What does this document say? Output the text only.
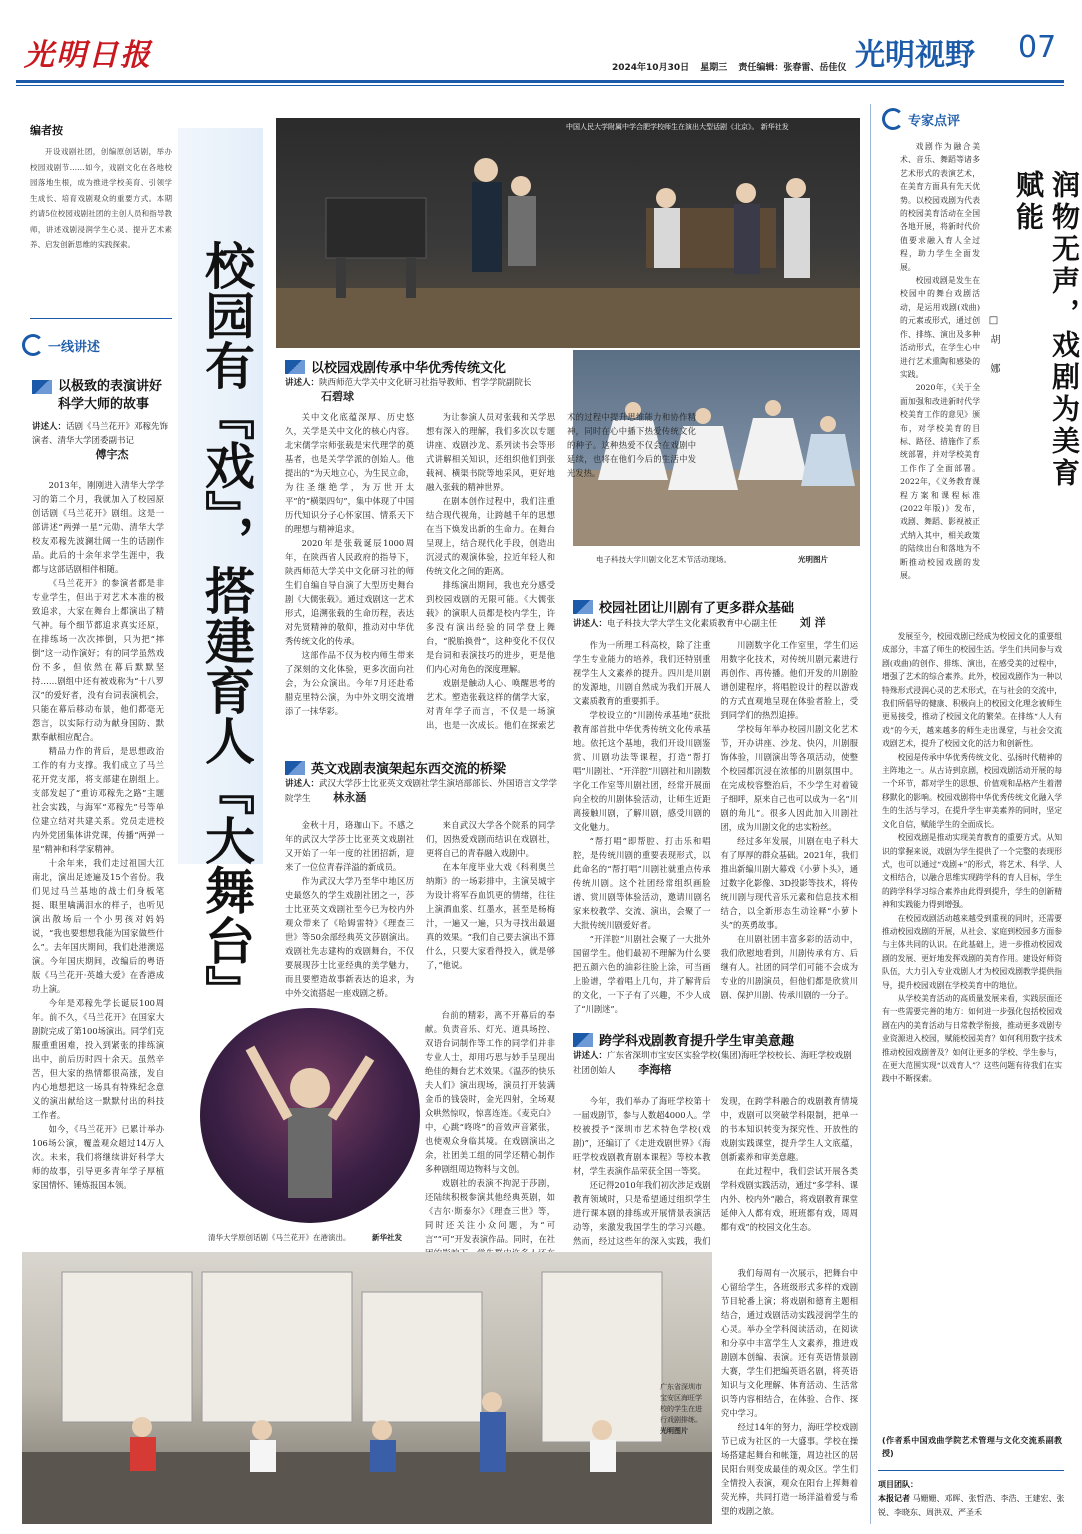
光明日报	2024年10月30日 星期三 责任编辑：张春雷、岳佳仪 光明视野 07
编者按

开设戏剧社团，创编原创话剧，举办校园戏剧节……如今，戏剧文化在各地校园落地生根，成为推进学校美育、引领学生成长、培育戏剧观众的重要方式。本期约请5位校园戏剧社团的主创人员和指导教师，讲述戏剧浸润学生心灵、提升艺术素养、启发创新思维的实践探索。	校园有『戏』，搭建育人『大舞台』
一线讲述
以极致的表演讲好科学大师的故事
讲述人：话剧《马兰花开》邓稼先饰演者、清华大学团委副书记
傅宇杰

2013年，刚刚进入清华大学学习的第二个月，我就加入了校园原创话剧《马兰花开》剧组。这是一部讲述“两弹一星”元勋、清华大学校友邓稼先波澜壮阔一生的话剧作品。此后的十余年求学生涯中，我都与这部话剧相伴相随。

《马兰花开》的参演者都是非专业学生，但出于对艺术本准的极致追求，大家在舞台上都演出了精气神。每个细节都追求真实还原，在排练场一次次摔倒，只为把“摔倒”这一动作演好；有的同学虽然戏份不多，但依然在幕后默默坚持……剧组中还有被戏称为“十八罗汉”的爱好者，没有台词表演机会，只能在幕后移动布景，他们都毫无怨言，以实际行动为献身国防、默默奉献相应配合。

精品力作的背后，是思想政治工作的有力支撑。我们成立了马兰花开党支部，将支部建在剧组上。支部发起了“重访邓稼先之路”主题社会实践，与海军“邓稼先”号等单位建立结对共建关系。党员走进校内外党团集体讲党课，传播“两弹一星”精神和科学家精神。

十余年来，我们走过祖国大江南北，演出足迹遍及15个省份。我们见过马兰基地的战士们身板笔挺、眼里噙满泪水的样子，也听见演出散场后一个小男孩对妈妈说，“我也要想想我能为国家做些什么”。去年国庆期间，我们赴港澳巡演。今年国庆期间，改编后的粤语版《马兰花开·英雄大爱》在香港成功上演。

今年是邓稼先学长诞辰100周年。前不久，《马兰花开》在国家大剧院完成了第100场演出。同学们克服重重困难，投入到紧张的排练演出中，前后历时四十余天。虽然辛苦，但大家的热情都很高涨，发自内心地想把这一场具有特殊纪念意义的演出献给这一默默付出的科技工作者。

如今，《马兰花开》已累计举办106场公演，覆盖观众超过14万人次。未来，我们将继续讲好科学大师的故事，引导更多青年学子厚植家国情怀、锤炼报国本领。

中国人民大学附属中学合肥学校师生在演出大型话剧《北京》。 新华社发
电子科技大学川剧文化艺术节活动现场。	光明图片
以校园戏剧传承中华优秀传统文化
讲述人：陕西师范大学关中文化研习社指导教师、哲学学院副院长
石碧球

关中文化底蕴深厚、历史悠久，关学是关中文化的核心内容。北宋儒学宗师张载是宋代理学的奠基者，也是关学学派的创始人。他提出的“为天地立心，为生民立命，为往圣继绝学，为万世开太平”的“横渠四句”，集中体现了中国历代知识分子心怀家国、情系天下的理想与精神追求。

2020年是张载诞辰1000周年，在陕西省人民政府的指导下，陕西师范大学关中文化研习社的师生们自编自导自演了大型历史舞台剧《大儒张载》。通过戏剧这一艺术形式，追溯张载的生命历程，表达对先贤精神的敬仰，推动对中华优秀传统文化的传承。

这部作品不仅为校内师生带来了深刻的文化体验，更多次面向社会，为公众演出。今年7月还赴希腊克里特公演，为中外文明交流增添了一抹华彩。

为让参演人员对张载和关学思想有深入的理解，我们多次以专题讲座、戏剧沙龙、系列读书会等形式讲解相关知识，还组织他们到张载祠、横渠书院等地采风，更好地融入张载的精神世界。

在剧本创作过程中，我们注重结合现代视角，让跨越千年的思想在当下焕发出新的生命力。在舞台呈现上，结合现代化手段，创造出沉浸式的观演体验，拉近年轻人和传统文化之间的距离。

排练演出期间，我也充分感受到校园戏剧的无限可能。《大儒张载》的演职人员都是校内学生，许多没有演出经验的同学登上舞台，“脱胎换骨”，这种变化不仅仅是台词和表演技巧的进步，更是他们内心对角色的深度理解。

戏剧是触动人心、唤醒思考的艺术。塑造张载这样的儒学大家，对青年学子而言，不仅是一场演出，也是一次成长。他们在探索艺术的过程中提升思维能力和协作精神，同时在心中播下热爱传统文化的种子。这种热爱不仅会在戏剧中延续，也将在他们今后的生活中发光发热。

英文戏剧表演架起东西交流的桥梁
讲述人：武汉大学莎士比亚英文戏剧社学生演培部部长、外国语言文学学院学生 林永涵

金秋十月，珞珈山下。不感之年的武汉大学莎士比亚英文戏剧社又开始了一年一度的社团招新，迎来了一位位青春洋溢的新成员。

作为武汉大学乃至华中地区历史最悠久的学生戏剧社团之一，莎士比亚英文戏剧社至今已为校内外观众带来了《哈姆雷特》《理查三世》等50余部经典英文莎剧演出。戏剧社先志建构的戏剧舞台，不仅要展现莎士比亚经典的美学魅力，而且要塑造故事新表达的追求，为中外交流搭起一座戏剧之桥。

来自武汉大学各个院系的同学们，因热爱戏剧而结识在戏剧社，更将自己的青春融入戏剧中。

在本年度毕业大戏《科利奥兰纳斯》的一场彩排中，主演吴城宇为设计将军吞血饥更的情绪，往往上演酒血浆、红墨水，甚至是杨梅汁，一遍又一遍，只为寻找出最逼真的效果。“我们自己要去演出不算什么，只要大家看得投入，就是够了，”他说。

台前的精彩，离不开幕后的奉献。负责音乐、灯光、道具场控、双语台词制作等工作的同学们并非专业人士，却用巧思与妙手呈现出绝佳的舞台艺术效果。《温莎的快乐夫人们》演出现场，演员打开装满金币的钱袋时，金光四射，全场观众哄然惊叹，惊喜连连。《麦克白》中，心跳“咚咚”的音效声音紧张，也使观众身临其境。在戏剧演出之余，社团美工组的同学还精心制作多种剧组周边物料与文创。

戏剧社的表演不拘泥于莎剧，还陆续积极参演其他经典英剧，如《吉尔·斯泰尔》《理查三世》等，同时还关注小众问题，为“可言”“可”开发表演作品。同时，在社

清华大学原创话剧《马兰花开》在港演出。	新华社发
校园社团让川剧有了更多群众基础
讲述人：电子科技大学大学生文化素质教育中心副主任 刘 洋

作为一所理工科高校，除了注重学生专业能力的培养，我们还特别重视学生人文素养的提升。四川是川剧的发源地，川剧自然成为我们开展人文素质教育的重要抓手。

学校设立的“川剧传承基地”获批教育部首批中华优秀传统文化传承基地。依托这个基地，我们开设川剧鉴赏、川剧功法等课程，打造“帮打唱”川剧社、“开洋腔”川剧社和川剧数字化工作室等川剧社团，经常开展面向全校的川剧体验活动，让师生近距离接触川剧，了解川剧，感受川剧的文化魅力。

“帮打唱”即帮腔、打击乐和唱腔，是传统川剧的重要表现形式，以此命名的“帮打唱”川剧社就重点传承传统川剧。这个社团经常组织画脸谱、赏川剧等体验活动，邀请川剧名家来校教学、交流、演出，会聚了一大批传统川剧爱好者。

“开洋腔”川剧社会聚了一大批外国留学生。他们最初不理解为什么要把五颜六色的油彩往脸上涂，可当画上脸谱，学着唱上几句，并了解背后的文化，一下子有了兴趣，不少人成了“川剧迷”。

川剧数字化工作室里，学生们运用数字化技术，对传统川剧元素进行再创作、再传播。他们开发的川剧脸谱创建程序，将唱腔设计的程以游戏的方式直观地呈现在体验者脸上，受到同学们的热烈追捧。

学校每年举办校园川剧文化艺术节，开办讲座、沙龙、快闪，川剧服饰体验，川剧演出等各项活动，使整个校园都沉浸在浓郁的川剧氛围中。在完成校容整治后，不少学生对着镜子细呼，原来自己也可以成为一名“川剧的角儿”。很多人因此加入川剧社团，成为川剧文化的忠实粉丝。

经过多年发展，川剧在电子科大有了厚厚的群众基础。2021年，我们推出新编川剧大幕戏《小萝卜头》，通过数字化影像、3D投影等技术，将传统川剧与现代音乐元素和信息技术相结合，以全新形态生动诠释“小萝卜头”的英勇故事。

在川剧社团丰富多彩的活动中，我们欣慰地看到，川剧传承有方、后继有人。社团的同学们可能不会成为专业的川剧演员，但他们都是欣赏川剧、保护川剧、传承川剧的一分子。

跨学科戏剧教育提升学生审美意趣
讲述人：广东省深圳市宝安区实验学校(集团)海旺学校校长、海旺学校戏剧社团创始人 李海榕

今年，我们举办了海旺学校第十一届戏剧节，参与人数超4000人。学校被授予“深圳市艺术特色学校(戏剧)”，还编订了《走进戏剧世界》《海旺学校戏剧教育剧本课程》等校本教材，学生表演作品荣获全国一等奖。

还记得2010年我们初次涉足戏剧教育领域时，只是希望通过组织学生进行课本剧的排练或开展情景表演活动等，来激发我国学生的学习兴趣。然而，经过这些年的深入实践，我们发现，在跨学科融合的戏剧教育情境中，戏剧可以突破学科限制，把单一的书本知识转变为探究性、开放性的戏剧实践课堂，提升学生人文底蕴，创新素养和审美意趣。

在此过程中，我们尝试开展各类学科戏剧实践活动，通过“多学科、课内外、校内外”融合，将戏剧教育课堂延伸入人都有戏，班班都有戏，周周都有戏”的校园文化生态。

我们每周有一次展示，把舞台中心留给学生，各班级形式多样的戏剧节目轮番上演；将戏剧和德育主题相结合，通过戏剧活动实践浸润学生的心灵。举办全学科阅读活动，在阅读和分享中丰富学生人文素养，推进戏剧剧本创编、表演。还有英语情景剧大赛，学生们把编英语名剧，将英语知识与文化理解、体育活动、生活常识等内容相结合，在体验、合作、探究中学习。

经过14年的努力，海旺学校戏剧节已成为社区的一大盛事。学校在操场搭建起舞台和帐篷，周边社区的居民阳台则变成最佳的观众区。学生们全情投入表演，观众在阳台上挥舞着荧光棒，共同打造一场洋溢着爱与希望的戏剧之旅。

广东省深圳市宝安区海旺学校的学生在进行戏剧排练。
光明图片
专家点评
润物无声，戏剧为美育赋能
□胡 娜

戏剧作为融合美术、音乐、舞蹈等诸多艺术形式的表演艺术，在美育方面具有先天优势。以校园戏剧为代表的校园美育活动在全国各地开展，将新时代价值要求融入育人全过程，助力学生全面发展。

校园戏剧是发生在校园中的舞台戏剧活动，是运用戏剧(戏曲)的元素或形式，通过创作、排练、演出及多种活动形式，在学生心中进行艺术熏陶和感染的实践。

2020年，《关于全面加强和改进新时代学校美育工作的意见》颁布，对学校美育的目标、路径、措施作了系统部署，并对学校美育工作作了全面部署。2022年，《义务教育课程方案和课程标准(2022年版)》发布，戏剧、舞蹈、影视被正式纳入其中，相关政策的陆续出台和落地为不断推动校园戏剧的发展。

发展至今，校园戏剧已经成为校园文化的重要组成部分，丰富了师生的校园生活。学生们共同参与戏剧(戏曲)的创作、排练、演出，在感受美的过程中，增强了艺术的综合素养。此外，校园戏剧作为一种以特殊形式浸润心灵的艺术形式，在与社会的交流中，我们所倡导的健康、积极向上的校园文化理念被师生更易接受，推动了校园文化的繁荣。在排练“人人有戏”的今天，越来越多的师生走出课堂，与社会交流戏剧艺术，提升了校园文化的活力和创新性。

校园是传承中华优秀传统文化、弘扬时代精神的主阵地之一。从古诗到京剧，校园戏剧活动开展的每一个环节，都对学生的思想、价值观和品格产生着潜移默化的影响。校园戏剧将中华优秀传统文化融入学生的生活与学习，在提升学生审美素养的同时，坚定文化自信，赋能学生的全面成长。

校园戏剧是推动实现美育教育的重要方式。从知识的掌握来说，戏剧为学生提供了一个完整的表现形式，也可以通过“戏剧+”的形式，将艺术、科学、人文相结合，以融合思维实现跨学科的育人目标，学生的跨学科学习综合素养由此得到提升，学生的创新精神和实践能力得到增强。

在校园戏剧活动越来越受到重视的同时，还需要推动校园戏剧的开展，从社会、家庭到校园多方面参与主体共同的认识。在此基础上，进一步推动校园戏剧的发展、更好地发挥戏剧的美育作用。建设好师资队伍，大力引入专业戏剧人才为校园戏剧教学提供指导，提升校园戏剧在学校美育中的地位。

从学校美育活动的高质量发展来看，实践层面还有一些需要完善的地方：如何进一步强化包括校园戏剧在内的美育活动与日常教学衔接，推动更多戏剧专业资源进入校园，赋能校园美育？如何利用数字技术推动校园戏剧普及？如何让更多的学校、学生参与，在更大范围实现“以戏育人”？这些问题有待我们在实践中不断探索。

(作者系中国戏曲学院艺术管理与文化交流系副教授)
项目团队：
本报记者 马姗姗、邓晖、张哲浩、李浩、王建宏、张锐、李晓东、周洪双、严圣禾
